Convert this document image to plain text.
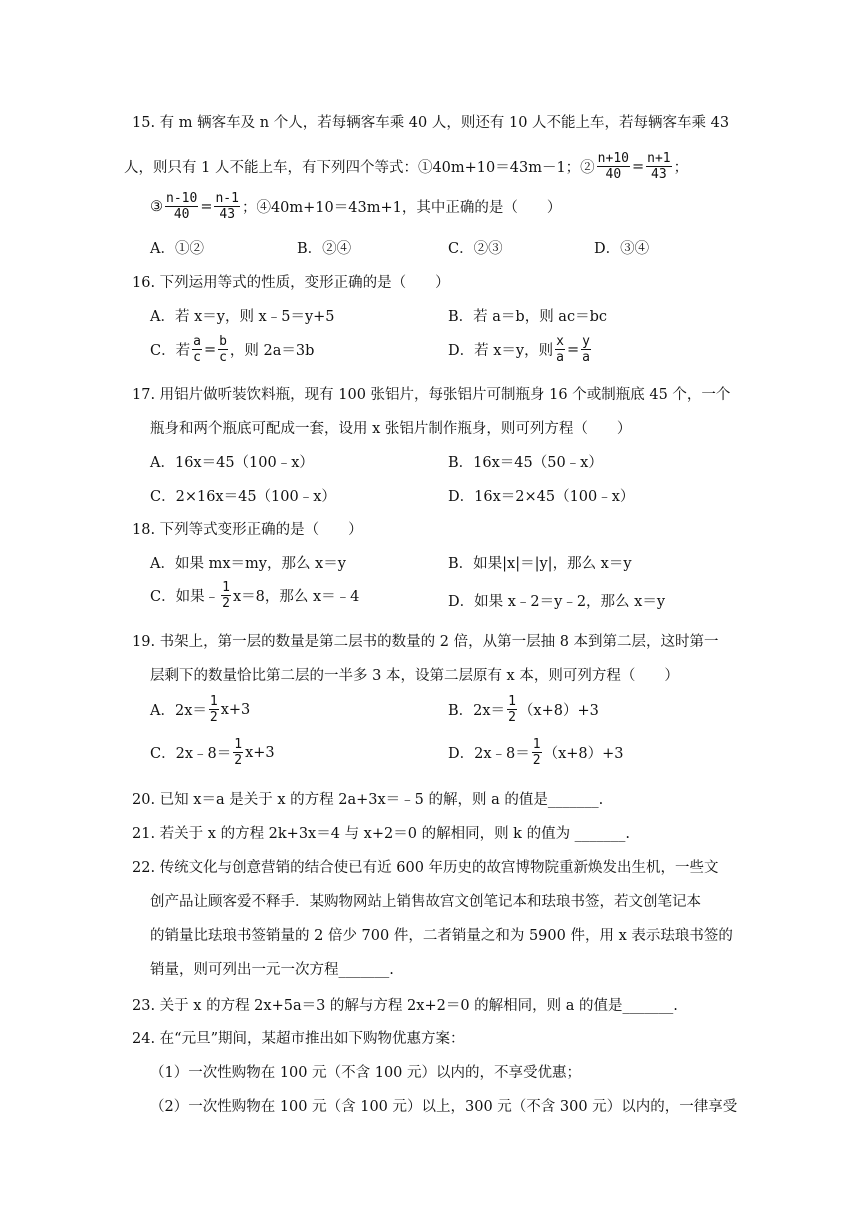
15. 有 m 辆客车及 n 个人，若每辆客车乘 40 人，则还有 10 人不能上车，若每辆客车乘 43
人，则只有 1 人不能上车，有下列四个等式：①40m+10＝43m－1；② $\frac{n+10}{40} = \frac{n+1}{43}$ ；
③ $\frac{n-10}{40} = \frac{n-1}{43}$ ；④40m+10＝43m+1，其中正确的是（　　）
A．①②	B．②④	C．②③	D．③④
16. 下列运用等式的性质，变形正确的是（　　）
A．若 x＝y，则 x﹣5＝y+5	B．若 a＝b，则 ac＝bc
C．若 $\frac{a}{c} = \frac{b}{c}$ ，则 2a＝3b	D．若 x＝y，则 $\frac{x}{a} = \frac{y}{a}$
17. 用铝片做听装饮料瓶，现有 100 张铝片，每张铝片可制瓶身 16 个或制瓶底 45 个，一个
瓶身和两个瓶底可配成一套，设用 x 张铝片制作瓶身，则可列方程（　　）
A．16x＝45（100﹣x）	B．16x＝45（50﹣x）
C．2×16x＝45（100﹣x）	D．16x＝2×45（100﹣x）
18. 下列等式变形正确的是（　　）
A．如果 mx＝my，那么 x＝y	B．如果|x|＝|y|，那么 x＝y
C．如果﹣ $\frac{1}{2} x=8$，那么 x＝﹣4	D．如果 x﹣2＝y﹣2，那么 x＝y
19. 书架上，第一层的数量是第二层书的数量的 2 倍，从第一层抽 8 本到第二层，这时第一
层剩下的数量恰比第二层的一半多 3 本，设第二层原有 x 本，则可列方程（　　）
A．$2x= \frac{1}{2} x+3$	B．$2x= \frac{1}{2} (x+8)+3$
C．2x﹣8＝ $\frac{1}{2} x+3$	D．2x﹣8＝ $\frac{1}{2} (x+8)+3$
20. 已知 x＝a 是关于 x 的方程 2a+3x＝﹣5 的解，则 a 的值是_______.
21. 若关于 x 的方程 2k+3x＝4 与 x+2＝0 的解相同，则 k 的值为 _______.
22. 传统文化与创意营销的结合使已有近 600 年历史的故宫博物院重新焕发出生机，一些文
创产品让顾客爱不释手．某购物网站上销售故宫文创笔记本和珐琅书签，若文创笔记本
的销量比珐琅书签销量的 2 倍少 700 件，二者销量之和为 5900 件，用 x 表示珐琅书签的
销量，则可列出一元一次方程_______.
23. 关于 x 的方程 2x+5a＝3 的解与方程 2x+2＝0 的解相同，则 a 的值是_______.
24. 在“元旦”期间，某超市推出如下购物优惠方案：
（1）一次性购物在 100 元（不含 100 元）以内的，不享受优惠；
（2）一次性购物在 100 元（含 100 元）以上，300 元（不含 300 元）以内的，一律享受
